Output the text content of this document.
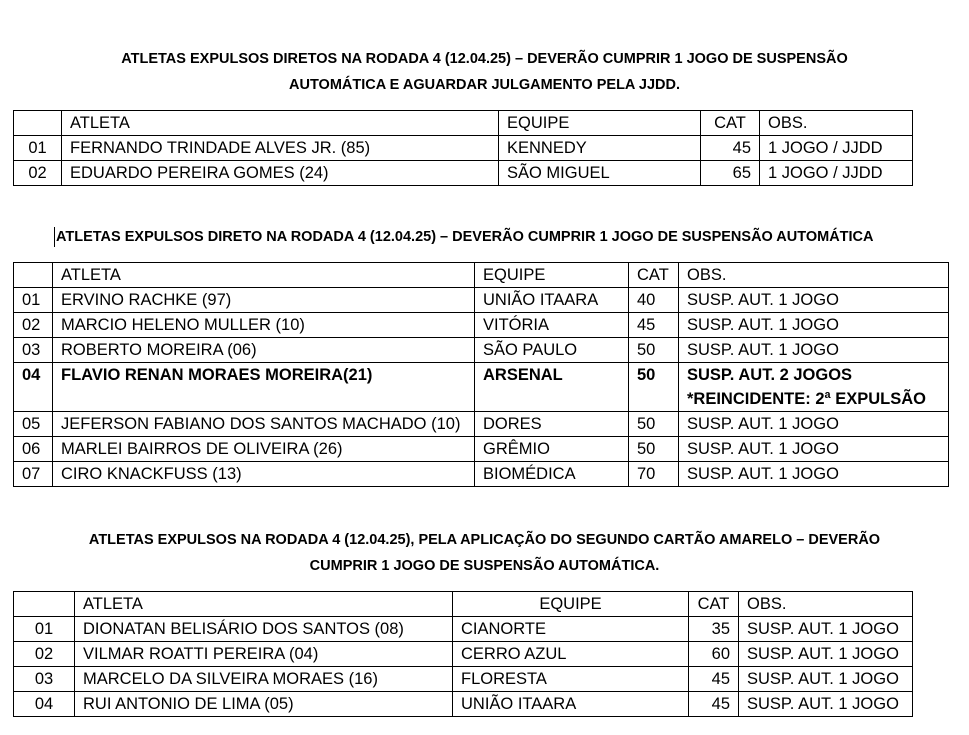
ATLETAS EXPULSOS DIRETOS NA RODADA 4 (12.04.25) – DEVERÃO CUMPRIR 1 JOGO DE SUSPENSÃO
AUTOMÁTICA E AGUARDAR JULGAMENTO PELA JJDD.
	ATLETA	EQUIPE	CAT	OBS.
01	FERNANDO TRINDADE ALVES JR. (85)	KENNEDY	45	1 JOGO / JJDD
02	EDUARDO PEREIRA GOMES (24)	SÃO MIGUEL	65	1 JOGO / JJDD
ATLETAS EXPULSOS DIRETO NA RODADA 4 (12.04.25) – DEVERÃO CUMPRIR 1 JOGO DE SUSPENSÃO AUTOMÁTICA
	ATLETA	EQUIPE	CAT	OBS.
01	ERVINO RACHKE (97)	UNIÃO ITAARA	40	SUSP. AUT. 1 JOGO
02	MARCIO HELENO MULLER (10)	VITÓRIA	45	SUSP. AUT. 1 JOGO
03	ROBERTO MOREIRA (06)	SÃO PAULO	50	SUSP. AUT. 1 JOGO
04	FLAVIO RENAN MORAES MOREIRA(21)	ARSENAL	50	SUSP. AUT. 2 JOGOS
*REINCIDENTE: 2ª EXPULSÃO

05	JEFERSON FABIANO DOS SANTOS MACHADO (10)	DORES	50	SUSP. AUT. 1 JOGO
06	MARLEI BAIRROS DE OLIVEIRA (26)	GRÊMIO	50	SUSP. AUT. 1 JOGO
07	CIRO KNACKFUSS (13)	BIOMÉDICA	70	SUSP. AUT. 1 JOGO
ATLETAS EXPULSOS NA RODADA 4 (12.04.25), PELA APLICAÇÃO DO SEGUNDO CARTÃO AMARELO – DEVERÃO
CUMPRIR 1 JOGO DE SUSPENSÃO AUTOMÁTICA.
	ATLETA	EQUIPE	CAT	OBS.
01	DIONATAN BELISÁRIO DOS SANTOS (08)	CIANORTE	35	SUSP. AUT. 1 JOGO
02	VILMAR ROATTI PEREIRA (04)	CERRO AZUL	60	SUSP. AUT. 1 JOGO
03	MARCELO DA SILVEIRA MORAES (16)	FLORESTA	45	SUSP. AUT. 1 JOGO
04	RUI ANTONIO DE LIMA (05)	UNIÃO ITAARA	45	SUSP. AUT. 1 JOGO
